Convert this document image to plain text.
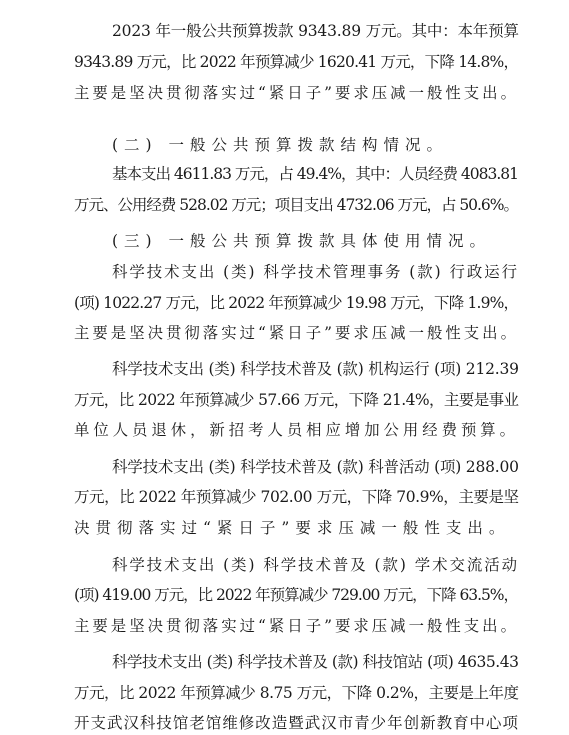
2023 年一般公共预算拨款 9343.89 万元。其中：本年预算
9343.89 万元，比 2022 年预算减少 1620.41 万元，下降 14.8%，
主要是坚决贯彻落实过“紧日子”要求压减一般性支出。
(二) 一般公共预算拨款结构情况。
基本支出 4611.83 万元，占 49.4%，其中：人员经费 4083.81
万元、公用经费 528.02 万元；项目支出 4732.06 万元，占 50.6%。
(三) 一般公共预算拨款具体使用情况。
科学技术支出 (类) 科学技术管理事务 (款) 行政运行
(项) 1022.27 万元，比 2022 年预算减少 19.98 万元，下降 1.9%，
主要是坚决贯彻落实过“紧日子”要求压减一般性支出。
科学技术支出 (类) 科学技术普及 (款) 机构运行 (项) 212.39
万元，比 2022 年预算减少 57.66 万元，下降 21.4%，主要是事业
单位人员退休，新招考人员相应增加公用经费预算。
科学技术支出 (类) 科学技术普及 (款) 科普活动 (项) 288.00
万元，比 2022 年预算减少 702.00 万元，下降 70.9%，主要是坚
决贯彻落实过“紧日子”要求压减一般性支出。
科学技术支出 (类) 科学技术普及 (款) 学术交流活动
(项) 419.00 万元，比 2022 年预算减少 729.00 万元，下降 63.5%，
主要是坚决贯彻落实过“紧日子”要求压减一般性支出。
科学技术支出 (类) 科学技术普及 (款) 科技馆站 (项) 4635.43
万元，比 2022 年预算减少 8.75 万元，下降 0.2%，主要是上年度
开支武汉科技馆老馆维修改造暨武汉市青少年创新教育中心项
